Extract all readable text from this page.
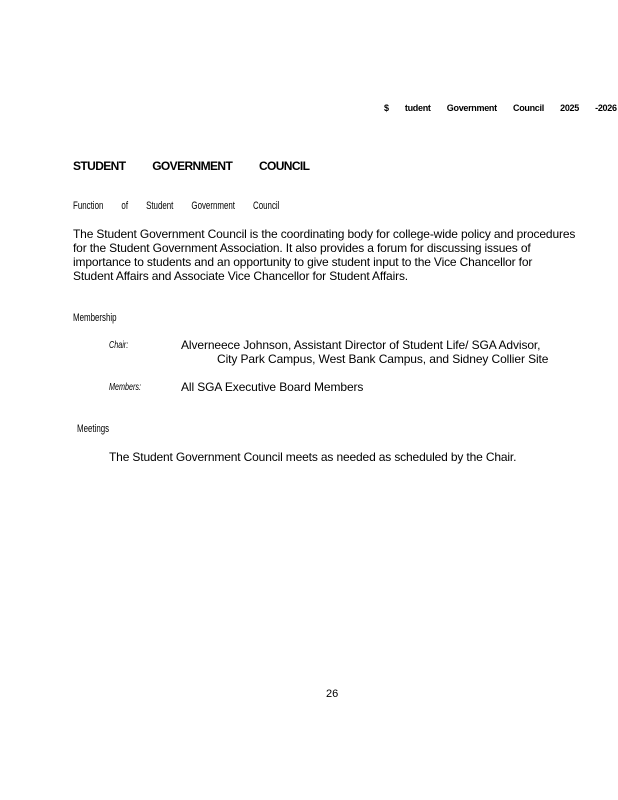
$ tudent Government Council 2025 -2026
STUDENT GOVERNMENT COUNCIL
Function of Student Government Council
The Student Government Council is the coordinating body for college-wide policy and procedures
for the Student Government Association. It also provides a forum for discussing issues of
importance to students and an opportunity to give student input to the Vice Chancellor for
Student Affairs and Associate Vice Chancellor for Student Affairs.
Membership
Chair:	Alverneece Johnson, Assistant Director of Student Life/ SGA Advisor,
City Park Campus, West Bank Campus, and Sidney Collier Site
Members:	All SGA Executive Board Members
Meetings
The Student Government Council meets as needed as scheduled by the Chair.
26
